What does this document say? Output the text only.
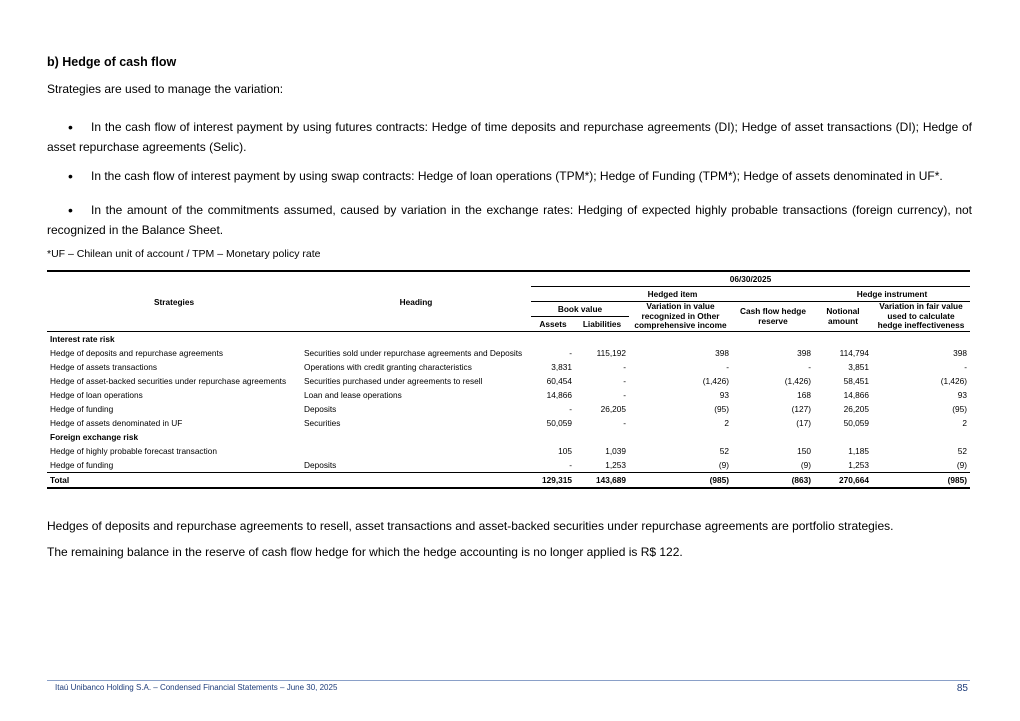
b) Hedge of cash flow
Strategies are used to manage the variation:
•	In the cash flow of interest payment by using futures contracts: Hedge of time deposits and repurchase agreements (DI); Hedge of asset transactions (DI); Hedge of asset repurchase agreements (Selic).
•	In the cash flow of interest payment by using swap contracts: Hedge of loan operations (TPM*); Hedge of Funding (TPM*); Hedge of assets denominated in UF*.
•	In the amount of the commitments assumed, caused by variation in the exchange rates: Hedging of expected highly probable transactions (foreign currency), not recognized in the Balance Sheet.
*UF – Chilean unit of account / TPM – Monetary policy rate
Strategies	Heading	06/30/2025					
		Hedged item				Hedge instrument	
		Book value		Variation in value recognized in Other comprehensive income	Cash flow hedge reserve	Notional amount	Variation in fair value used to calculate hedge ineffectiveness
		Assets	Liabilities				
Interest rate risk							
Hedge of deposits and repurchase agreements	Securities sold under repurchase agreements and Deposits	-	115,192	398	398	114,794	398
Hedge of assets transactions	Operations with credit granting characteristics	3,831	-	-	-	3,851	-
Hedge of asset-backed securities under repurchase agreements	Securities purchased under agreements to resell	60,454	-	(1,426)	(1,426)	58,451	(1,426)
Hedge of loan operations	Loan and lease operations	14,866	-	93	168	14,866	93
Hedge of funding	Deposits	-	26,205	(95)	(127)	26,205	(95)
Hedge of assets denominated in UF	Securities	50,059	-	2	(17)	50,059	2
Foreign exchange risk							
Hedge of highly probable forecast transaction		105	1,039	52	150	1,185	52
Hedge of funding	Deposits	-	1,253	(9)	(9)	1,253	(9)
Total		129,315	143,689	(985)	(863)	270,664	(985)
Hedges of deposits and repurchase agreements to resell, asset transactions and asset-backed securities under repurchase agreements are portfolio strategies.
The remaining balance in the reserve of cash flow hedge for which the hedge accounting is no longer applied is R$ 122.
Itaú Unibanco Holding S.A. – Condensed Financial Statements – June 30, 2025	85
